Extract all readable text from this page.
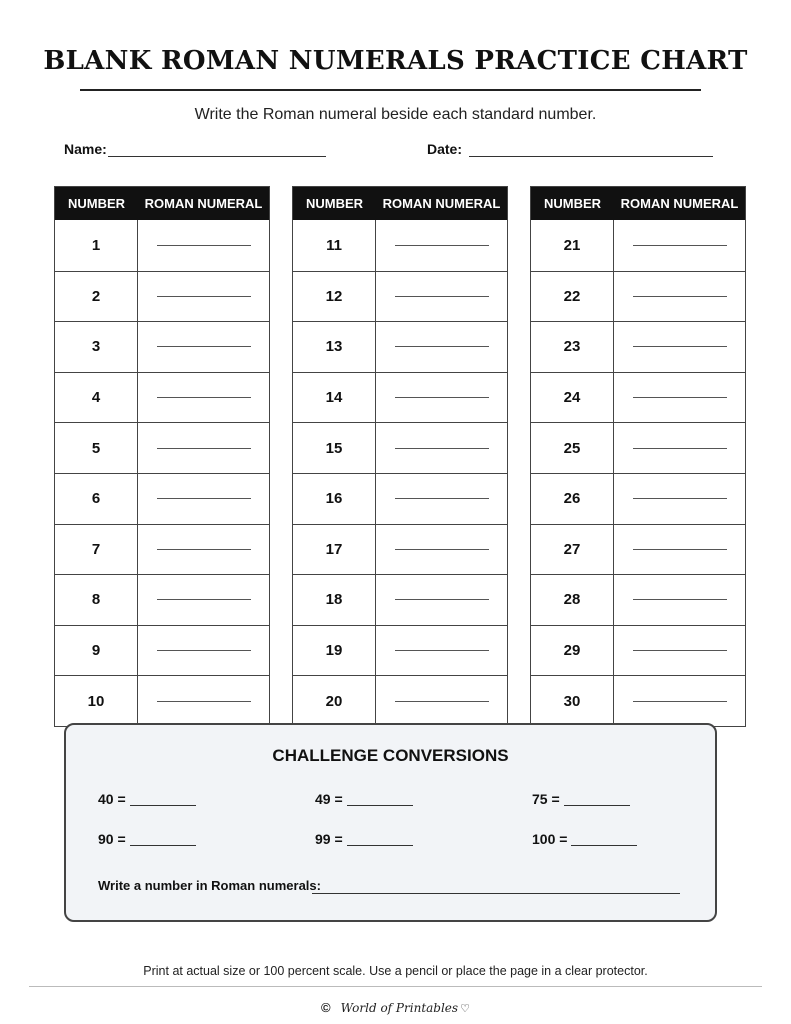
BLANK ROMAN NUMERALS PRACTICE CHART
Write the Roman numeral beside each standard number.
Name:	Date:
NUMBER	ROMAN NUMERAL
1
2
3
4
5
6
7
8
9
10
NUMBER	ROMAN NUMERAL
11
12
13
14
15
16
17
18
19
20
NUMBER	ROMAN NUMERAL
21
22
23
24
25
26
27
28
29
30
CHALLENGE CONVERSIONS
40 =	49 =	75 =
90 =	99 =	100 =
Write a number in Roman numerals:
Print at actual size or 100 percent scale. Use a pencil or place the page in a clear protector.
© World of Printables ♡
